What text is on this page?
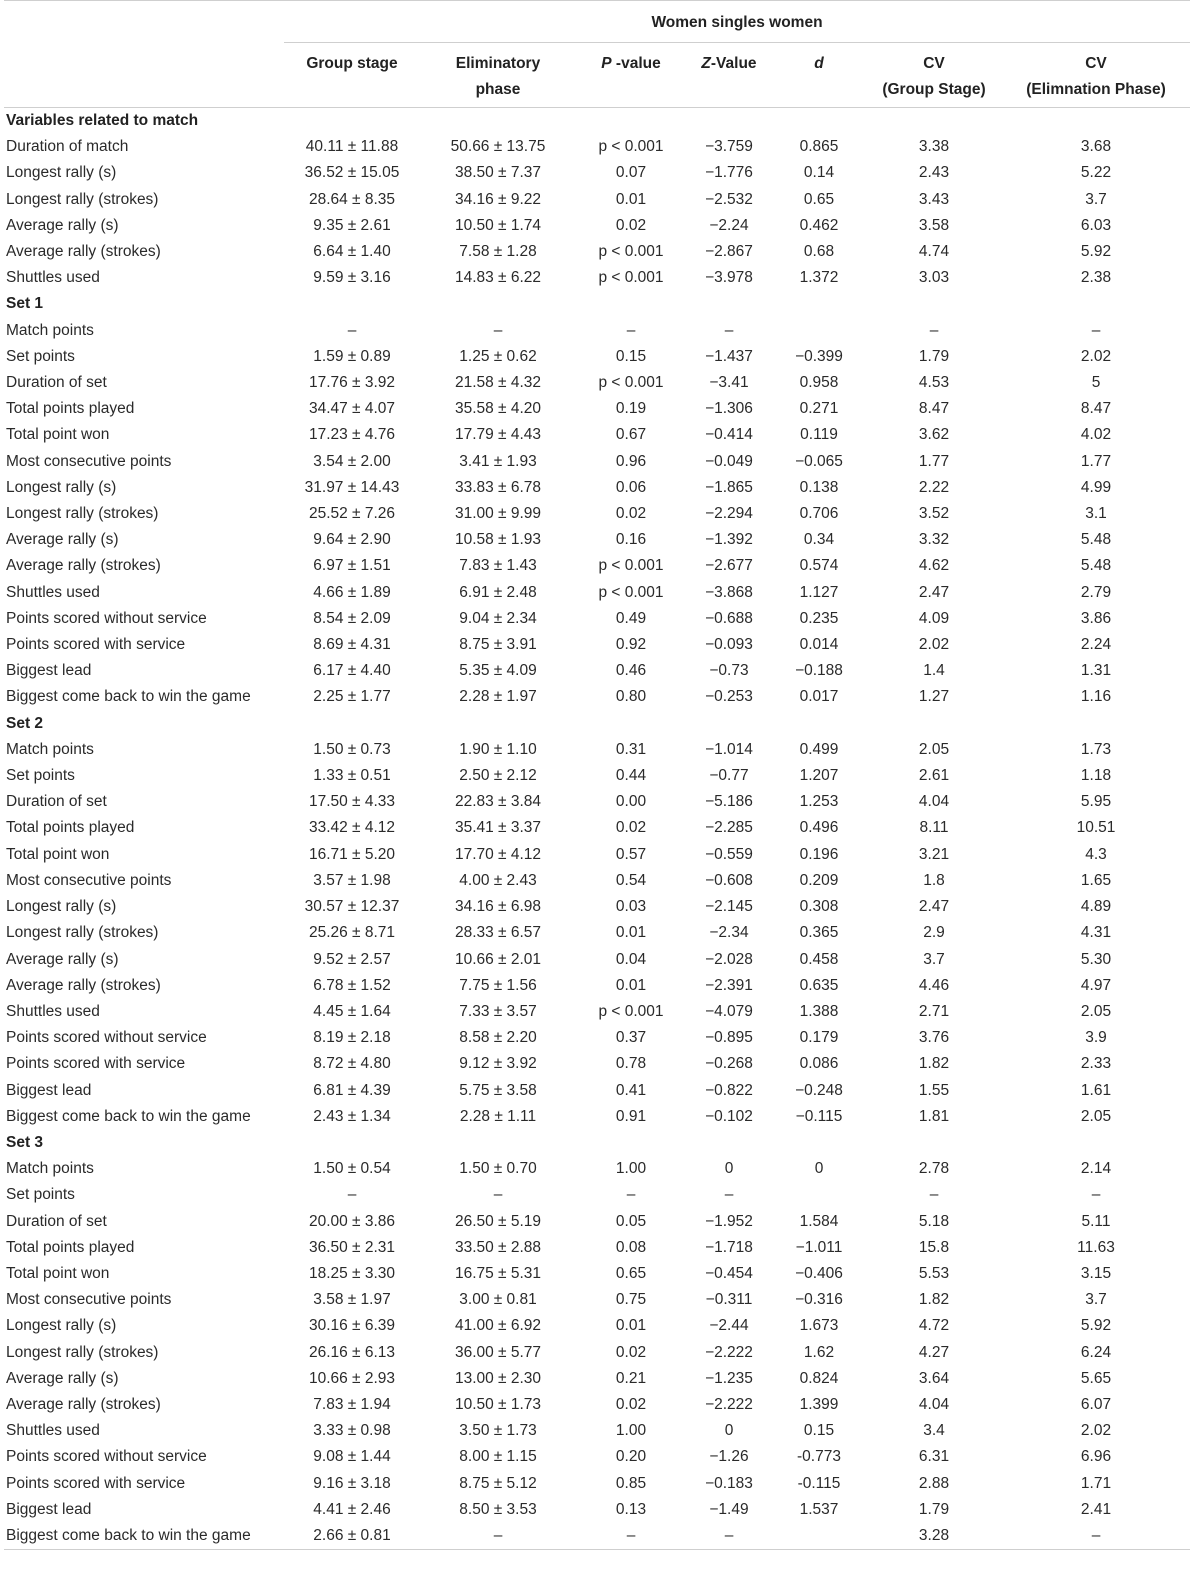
	Women singles women						
	Group stage	Eliminatory
phase	P -value	Z-Value	d	CV
(Group Stage)	CV
(Elimnation Phase)

Variables related to match							
Duration of match	40.11 ± 11.88	50.66 ± 13.75	p < 0.001	−3.759	0.865	3.38	3.68
Longest rally (s)	36.52 ± 15.05	38.50 ± 7.37	0.07	−1.776	0.14	2.43	5.22
Longest rally (strokes)	28.64 ± 8.35	34.16 ± 9.22	0.01	−2.532	0.65	3.43	3.7
Average rally (s)	9.35 ± 2.61	10.50 ± 1.74	0.02	−2.24	0.462	3.58	6.03
Average rally (strokes)	6.64 ± 1.40	7.58 ± 1.28	p < 0.001	−2.867	0.68	4.74	5.92
Shuttles used	9.59 ± 3.16	14.83 ± 6.22	p < 0.001	−3.978	1.372	3.03	2.38
Set 1							
Match points	–	–	–	–		–	–
Set points	1.59 ± 0.89	1.25 ± 0.62	0.15	−1.437	−0.399	1.79	2.02
Duration of set	17.76 ± 3.92	21.58 ± 4.32	p < 0.001	−3.41	0.958	4.53	5
Total points played	34.47 ± 4.07	35.58 ± 4.20	0.19	−1.306	0.271	8.47	8.47
Total point won	17.23 ± 4.76	17.79 ± 4.43	0.67	−0.414	0.119	3.62	4.02
Most consecutive points	3.54 ± 2.00	3.41 ± 1.93	0.96	−0.049	−0.065	1.77	1.77
Longest rally (s)	31.97 ± 14.43	33.83 ± 6.78	0.06	−1.865	0.138	2.22	4.99
Longest rally (strokes)	25.52 ± 7.26	31.00 ± 9.99	0.02	−2.294	0.706	3.52	3.1
Average rally (s)	9.64 ± 2.90	10.58 ± 1.93	0.16	−1.392	0.34	3.32	5.48
Average rally (strokes)	6.97 ± 1.51	7.83 ± 1.43	p < 0.001	−2.677	0.574	4.62	5.48
Shuttles used	4.66 ± 1.89	6.91 ± 2.48	p < 0.001	−3.868	1.127	2.47	2.79
Points scored without service	8.54 ± 2.09	9.04 ± 2.34	0.49	−0.688	0.235	4.09	3.86
Points scored with service	8.69 ± 4.31	8.75 ± 3.91	0.92	−0.093	0.014	2.02	2.24
Biggest lead	6.17 ± 4.40	5.35 ± 4.09	0.46	−0.73	−0.188	1.4	1.31
Biggest come back to win the game	2.25 ± 1.77	2.28 ± 1.97	0.80	−0.253	0.017	1.27	1.16
Set 2							
Match points	1.50 ± 0.73	1.90 ± 1.10	0.31	−1.014	0.499	2.05	1.73
Set points	1.33 ± 0.51	2.50 ± 2.12	0.44	−0.77	1.207	2.61	1.18
Duration of set	17.50 ± 4.33	22.83 ± 3.84	0.00	−5.186	1.253	4.04	5.95
Total points played	33.42 ± 4.12	35.41 ± 3.37	0.02	−2.285	0.496	8.11	10.51
Total point won	16.71 ± 5.20	17.70 ± 4.12	0.57	−0.559	0.196	3.21	4.3
Most consecutive points	3.57 ± 1.98	4.00 ± 2.43	0.54	−0.608	0.209	1.8	1.65
Longest rally (s)	30.57 ± 12.37	34.16 ± 6.98	0.03	−2.145	0.308	2.47	4.89
Longest rally (strokes)	25.26 ± 8.71	28.33 ± 6.57	0.01	−2.34	0.365	2.9	4.31
Average rally (s)	9.52 ± 2.57	10.66 ± 2.01	0.04	−2.028	0.458	3.7	5.30
Average rally (strokes)	6.78 ± 1.52	7.75 ± 1.56	0.01	−2.391	0.635	4.46	4.97
Shuttles used	4.45 ± 1.64	7.33 ± 3.57	p < 0.001	−4.079	1.388	2.71	2.05
Points scored without service	8.19 ± 2.18	8.58 ± 2.20	0.37	−0.895	0.179	3.76	3.9
Points scored with service	8.72 ± 4.80	9.12 ± 3.92	0.78	−0.268	0.086	1.82	2.33
Biggest lead	6.81 ± 4.39	5.75 ± 3.58	0.41	−0.822	−0.248	1.55	1.61
Biggest come back to win the game	2.43 ± 1.34	2.28 ± 1.11	0.91	−0.102	−0.115	1.81	2.05
Set 3							
Match points	1.50 ± 0.54	1.50 ± 0.70	1.00	0	0	2.78	2.14
Set points	–	–	–	–		–	–
Duration of set	20.00 ± 3.86	26.50 ± 5.19	0.05	−1.952	1.584	5.18	5.11
Total points played	36.50 ± 2.31	33.50 ± 2.88	0.08	−1.718	−1.011	15.8	11.63
Total point won	18.25 ± 3.30	16.75 ± 5.31	0.65	−0.454	−0.406	5.53	3.15
Most consecutive points	3.58 ± 1.97	3.00 ± 0.81	0.75	−0.311	−0.316	1.82	3.7
Longest rally (s)	30.16 ± 6.39	41.00 ± 6.92	0.01	−2.44	1.673	4.72	5.92
Longest rally (strokes)	26.16 ± 6.13	36.00 ± 5.77	0.02	−2.222	1.62	4.27	6.24
Average rally (s)	10.66 ± 2.93	13.00 ± 2.30	0.21	−1.235	0.824	3.64	5.65
Average rally (strokes)	7.83 ± 1.94	10.50 ± 1.73	0.02	−2.222	1.399	4.04	6.07
Shuttles used	3.33 ± 0.98	3.50 ± 1.73	1.00	0	0.15	3.4	2.02
Points scored without service	9.08 ± 1.44	8.00 ± 1.15	0.20	−1.26	-0.773	6.31	6.96
Points scored with service	9.16 ± 3.18	8.75 ± 5.12	0.85	−0.183	-0.115	2.88	1.71
Biggest lead	4.41 ± 2.46	8.50 ± 3.53	0.13	−1.49	1.537	1.79	2.41
Biggest come back to win the game	2.66 ± 0.81	–	–	–		3.28	–
